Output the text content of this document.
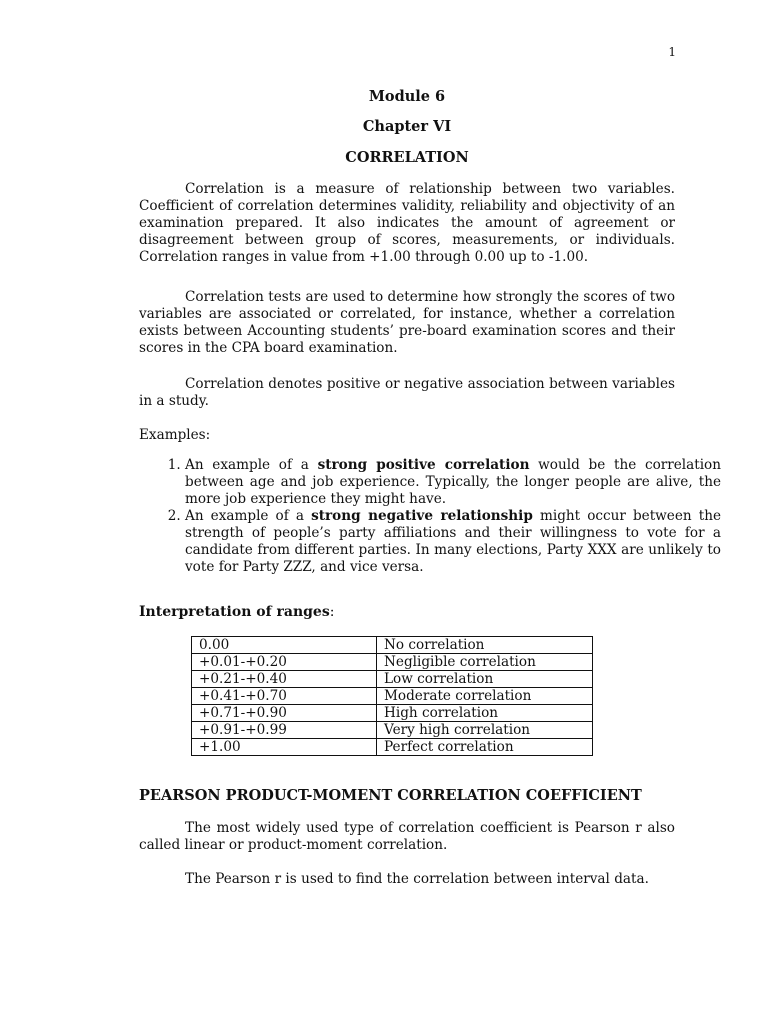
1
Module 6
Chapter VI
CORRELATION

Correlation is a measure of relationship between two variables. Coefficient of correlation determines validity, reliability and objectivity of an examination prepared. It also indicates the amount of agreement or disagreement between group of scores, measurements, or individuals. Correlation ranges in value from +1.00 through 0.00 up to -1.00.

Correlation tests are used to determine how strongly the scores of two variables are associated or correlated, for instance, whether a correlation exists between Accounting students’ pre-board examination scores and their scores in the CPA board examination.

Correlation denotes positive or negative association between variables in a study.

Examples:
1. An example of a strong positive correlation would be the correlation between age and job experience. Typically, the longer people are alive, the more job experience they might have.
2. An example of a strong negative relationship might occur between the strength of people’s party affiliations and their willingness to vote for a candidate from different parties. In many elections, Party XXX are unlikely to vote for Party ZZZ, and vice versa.
Interpretation of ranges:
0.00	No correlation
+0.01-+0.20	Negligible correlation
+0.21-+0.40	Low correlation
+0.41-+0.70	Moderate correlation
+0.71-+0.90	High correlation
+0.91-+0.99	Very high correlation
+1.00	Perfect correlation
PEARSON PRODUCT-MOMENT CORRELATION COEFFICIENT

The most widely used type of correlation coefficient is Pearson r also called linear or product-moment correlation.

The Pearson r is used to find the correlation between interval data.
